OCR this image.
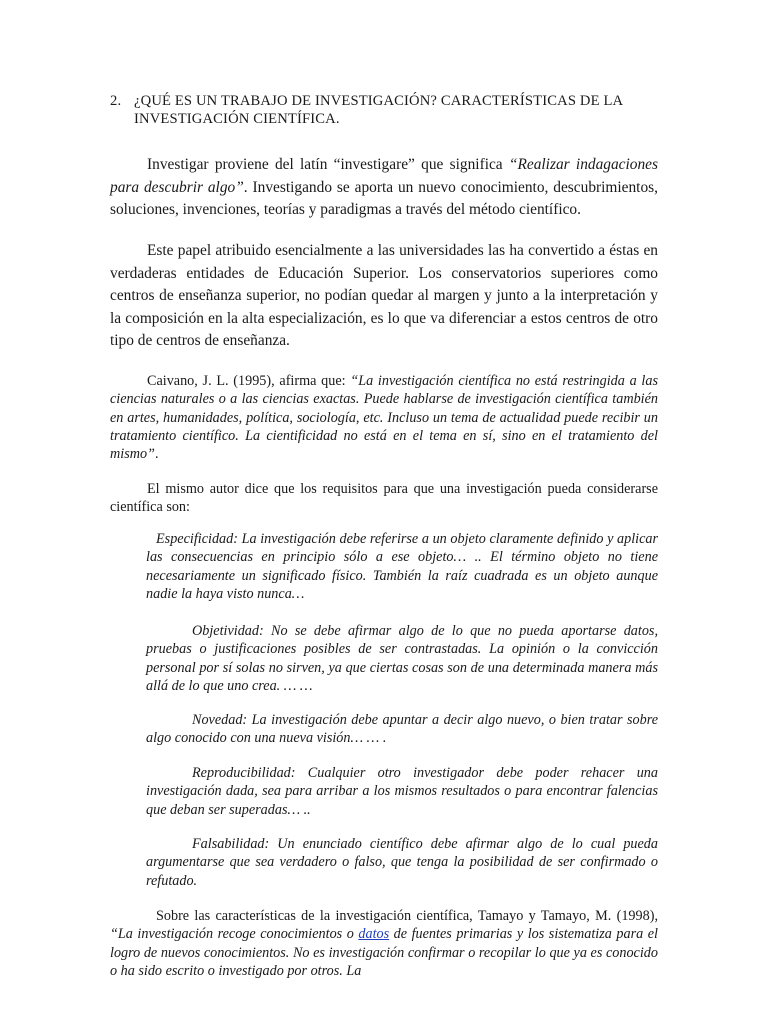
2. ¿QUÉ ES UN TRABAJO DE INVESTIGACIÓN? CARACTERÍSTICAS DE LA INVESTIGACIÓN CIENTÍFICA.
Investigar proviene del latín “investigare” que significa “Realizar indagaciones para descubrir algo”. Investigando se aporta un nuevo conocimiento, descubrimientos, soluciones, invenciones, teorías y paradigmas a través del método científico.
Este papel atribuido esencialmente a las universidades las ha convertido a éstas en verdaderas entidades de Educación Superior. Los conservatorios superiores como centros de enseñanza superior, no podían quedar al margen y junto a la interpretación y la composición en la alta especialización, es lo que va diferenciar a estos centros de otro tipo de centros de enseñanza.
Caivano, J. L. (1995), afirma que: “La investigación científica no está restringida a las ciencias naturales o a las ciencias exactas. Puede hablarse de investigación científica también en artes, humanidades, política, sociología, etc. Incluso un tema de actualidad puede recibir un tratamiento científico. La cientificidad no está en el tema en sí, sino en el tratamiento del mismo”.
El mismo autor dice que los requisitos para que una investigación pueda considerarse científica son:
Especificidad: La investigación debe referirse a un objeto claramente definido y aplicar las consecuencias en principio sólo a ese objeto… .. El término objeto no tiene necesariamente un significado físico. También la raíz cuadrada es un objeto aunque nadie la haya visto nunca…
Objetividad: No se debe afirmar algo de lo que no pueda aportarse datos, pruebas o justificaciones posibles de ser contrastadas. La opinión o la convicción personal por sí solas no sirven, ya que ciertas cosas son de una determinada manera más allá de lo que uno crea. … …
Novedad: La investigación debe apuntar a decir algo nuevo, o bien tratar sobre algo conocido con una nueva visión… … .
Reproducibilidad: Cualquier otro investigador debe poder rehacer una investigación dada, sea para arribar a los mismos resultados o para encontrar falencias que deban ser superadas… ..
Falsabilidad: Un enunciado científico debe afirmar algo de lo cual pueda argumentarse que sea verdadero o falso, que tenga la posibilidad de ser confirmado o refutado.
Sobre las características de la investigación científica, Tamayo y Tamayo, M. (1998), “La investigación recoge conocimientos o datos de fuentes primarias y los sistematiza para el logro de nuevos conocimientos. No es investigación confirmar o recopilar lo que ya es conocido o ha sido escrito o investigado por otros. La
